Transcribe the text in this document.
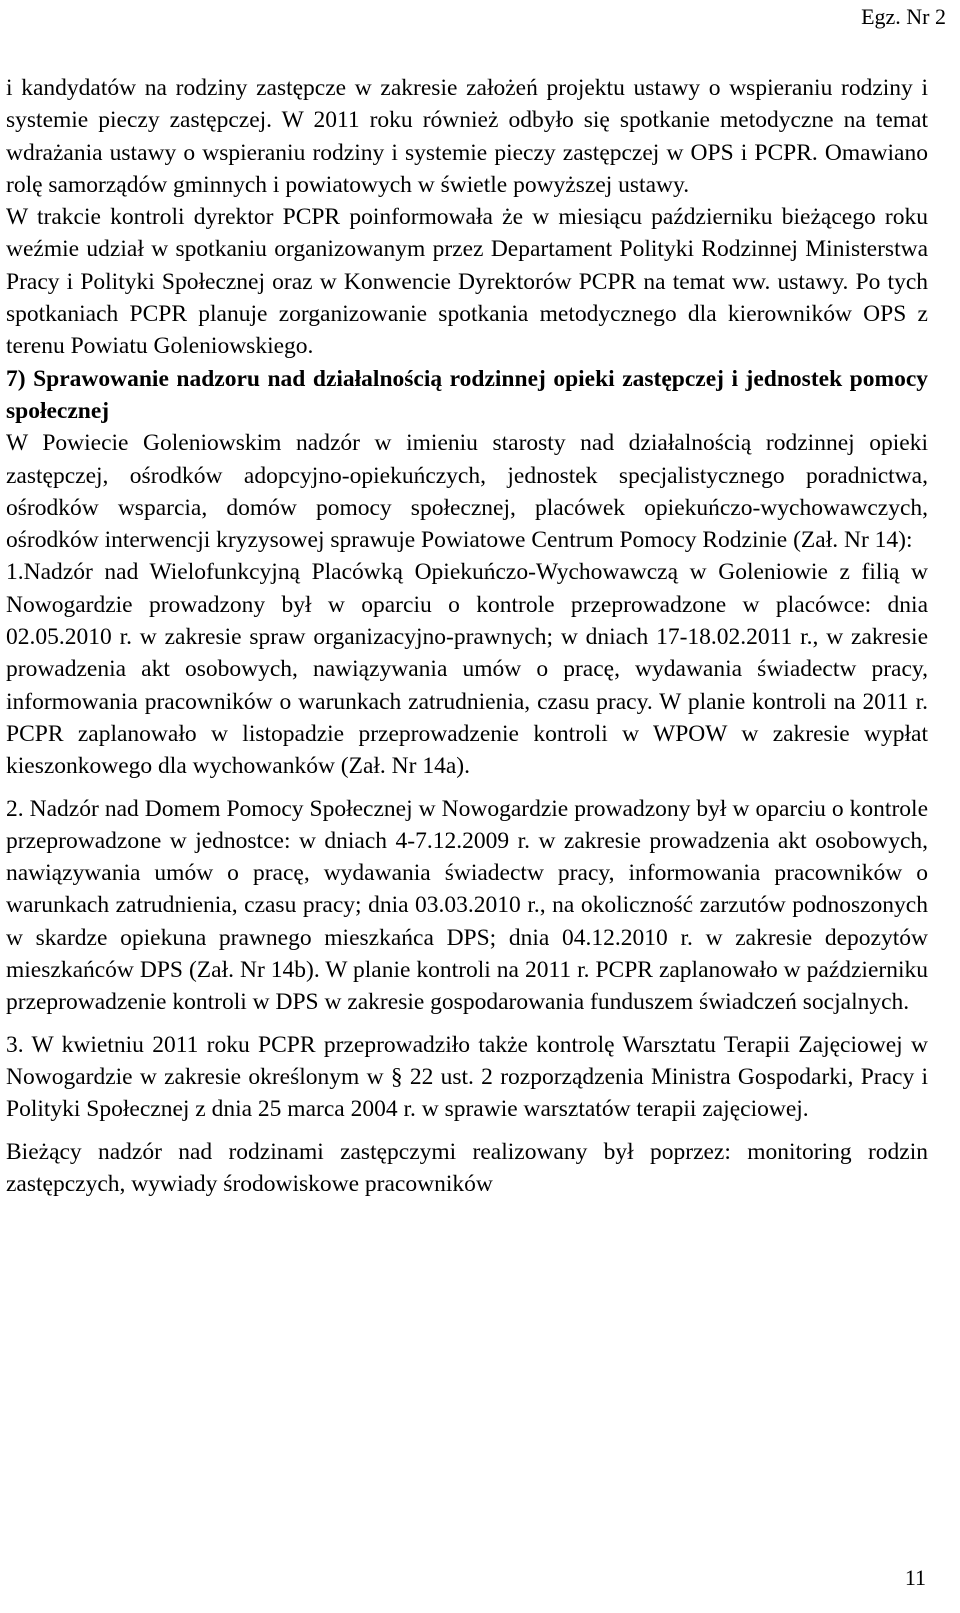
Egz. Nr 2

i kandydatów na rodziny zastępcze w zakresie założeń projektu ustawy o wspieraniu rodziny i systemie pieczy zastępczej. W 2011 roku również odbyło się spotkanie metodyczne na temat wdrażania ustawy o wspieraniu rodziny i systemie pieczy zastępczej w OPS i PCPR. Omawiano rolę samorządów gminnych i powiatowych w świetle powyższej ustawy.

W trakcie kontroli dyrektor PCPR poinformowała że w miesiącu październiku bieżącego roku weźmie udział w spotkaniu organizowanym przez Departament Polityki Rodzinnej Ministerstwa Pracy i Polityki Społecznej oraz w Konwencie Dyrektorów PCPR na temat ww. ustawy. Po tych spotkaniach PCPR planuje zorganizowanie spotkania metodycznego dla kierowników OPS z terenu Powiatu Goleniowskiego.

7) Sprawowanie nadzoru nad działalnością rodzinnej opieki zastępczej i jednostek pomocy społecznej

W Powiecie Goleniowskim nadzór w imieniu starosty nad działalnością rodzinnej opieki zastępczej, ośrodków adopcyjno-opiekuńczych, jednostek specjalistycznego poradnictwa, ośrodków wsparcia, domów pomocy społecznej, placówek opiekuńczo-wychowawczych, ośrodków interwencji kryzysowej sprawuje Powiatowe Centrum Pomocy Rodzinie (Zał. Nr 14):

1.Nadzór nad Wielofunkcyjną Placówką Opiekuńczo-Wychowawczą w Goleniowie z filią w Nowogardzie prowadzony był w oparciu o kontrole przeprowadzone w placówce: dnia 02.05.2010 r. w zakresie spraw organizacyjno-prawnych; w dniach 17-18.02.2011 r., w zakresie prowadzenia akt osobowych, nawiązywania umów o pracę, wydawania świadectw pracy, informowania pracowników o warunkach zatrudnienia, czasu pracy. W planie kontroli na 2011 r. PCPR zaplanowało w listopadzie przeprowadzenie kontroli w WPOW w zakresie wypłat kieszonkowego dla wychowanków (Zał. Nr 14a).

2. Nadzór nad Domem Pomocy Społecznej w Nowogardzie prowadzony był w oparciu o kontrole przeprowadzone w jednostce: w dniach 4-7.12.2009 r. w zakresie prowadzenia akt osobowych, nawiązywania umów o pracę, wydawania świadectw pracy, informowania pracowników o warunkach zatrudnienia, czasu pracy; dnia 03.03.2010 r., na okoliczność zarzutów podnoszonych w skardze opiekuna prawnego mieszkańca DPS; dnia 04.12.2010 r. w zakresie depozytów mieszkańców DPS (Zał. Nr 14b). W planie kontroli na 2011 r. PCPR zaplanowało w październiku przeprowadzenie kontroli w DPS w zakresie gospodarowania funduszem świadczeń socjalnych.

3. W kwietniu 2011 roku PCPR przeprowadziło także kontrolę Warsztatu Terapii Zajęciowej w Nowogardzie w zakresie określonym w § 22 ust. 2 rozporządzenia Ministra Gospodarki, Pracy i Polityki Społecznej z dnia 25 marca 2004 r. w sprawie warsztatów terapii zajęciowej.

Bieżący nadzór nad rodzinami zastępczymi realizowany był poprzez: monitoring rodzin zastępczych, wywiady środowiskowe pracowników

11
